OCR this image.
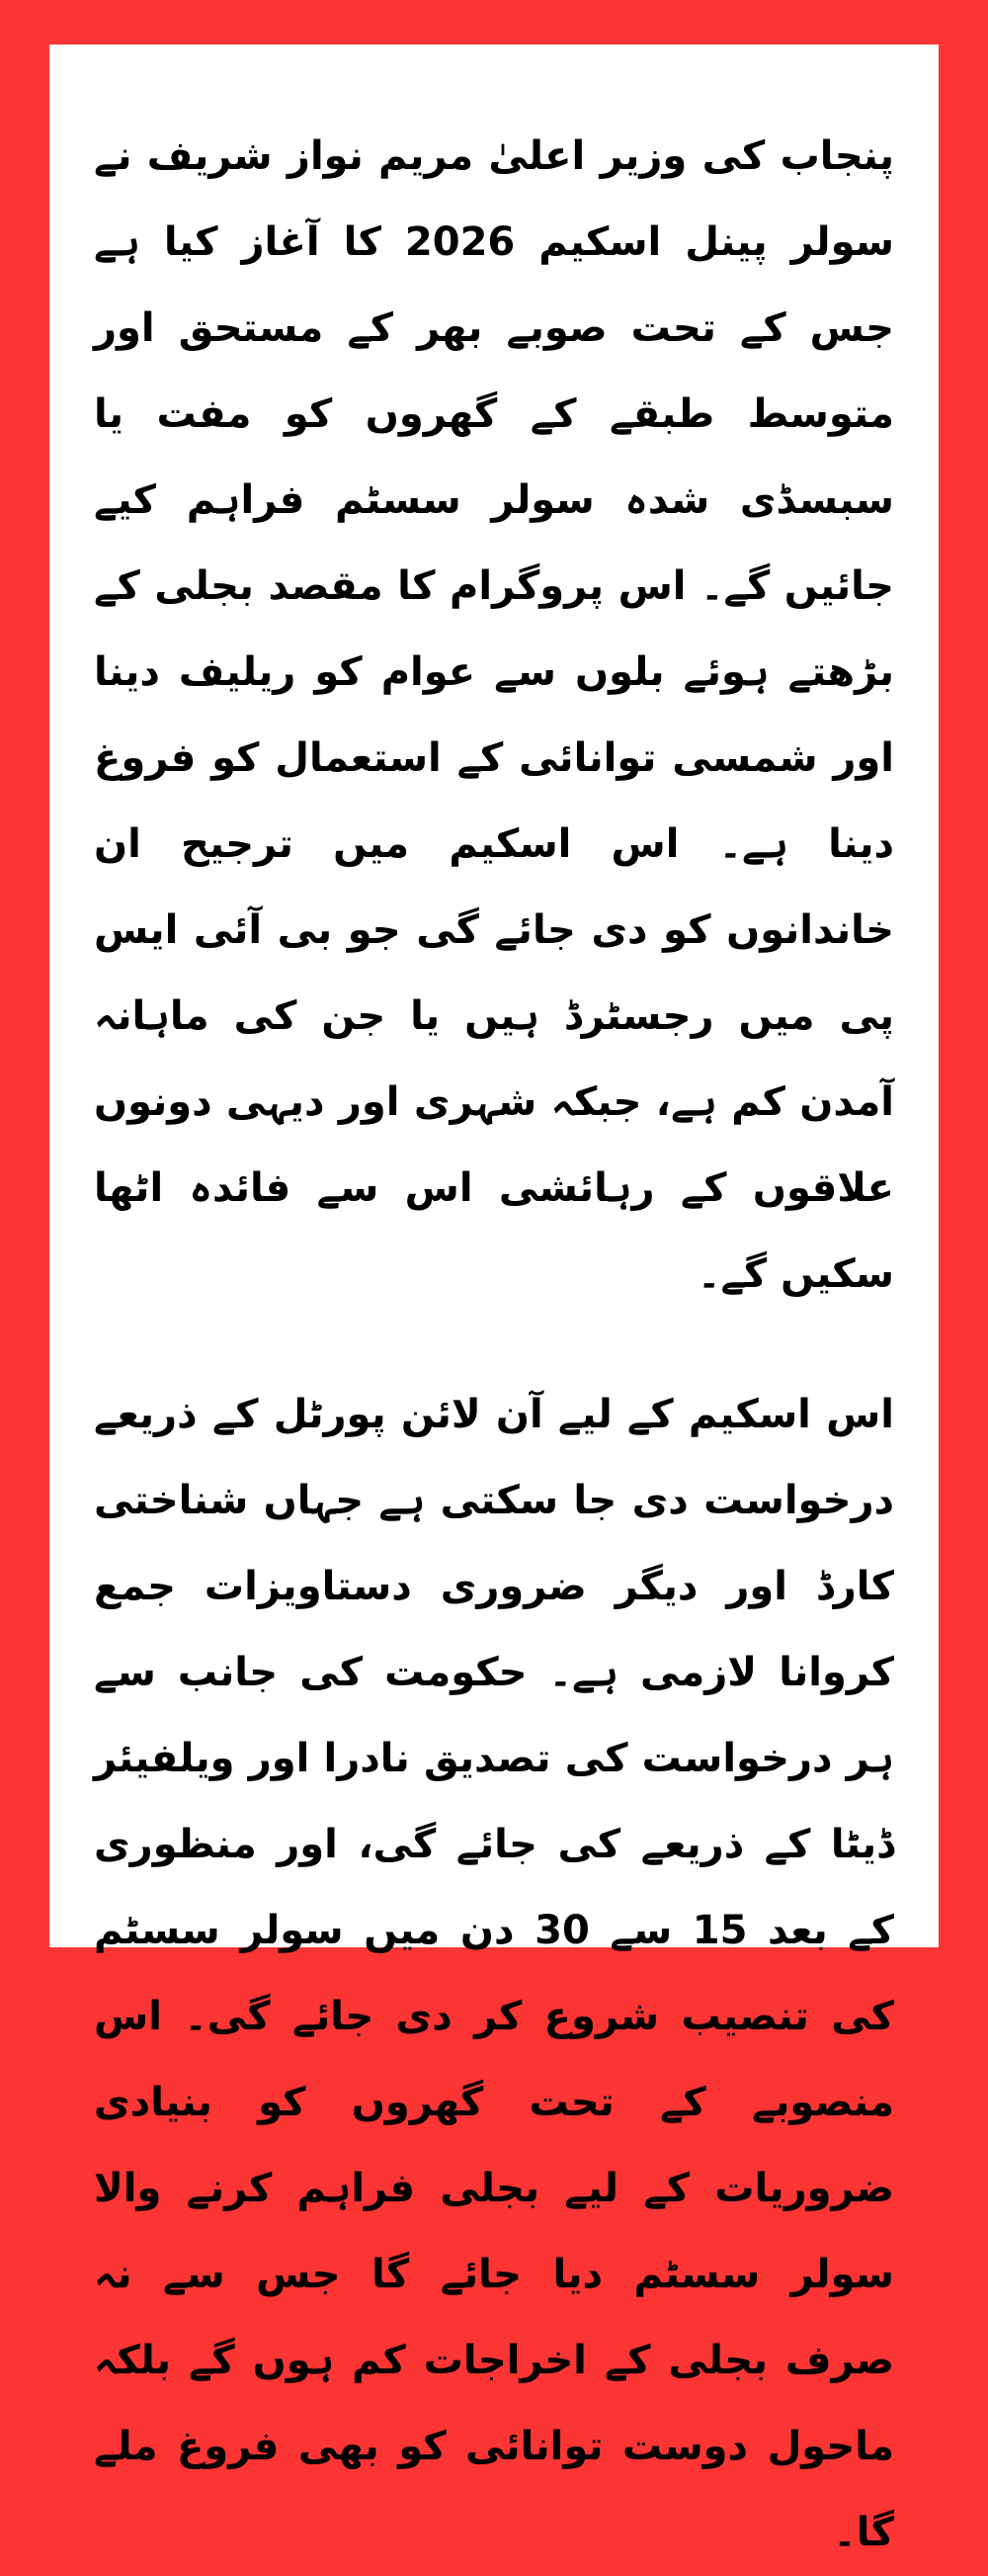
پنجاب کی وزیر اعلیٰ مریم نواز شریف نے سولر پینل اسکیم 2026 کا آغاز کیا ہے جس کے تحت صوبے بھر کے مستحق اور متوسط طبقے کے گھروں کو مفت یا سبسڈی شدہ سولر سسٹم فراہم کیے جائیں گے۔ اس پروگرام کا مقصد بجلی کے بڑھتے ہوئے بلوں سے عوام کو ریلیف دینا اور شمسی توانائی کے استعمال کو فروغ دینا ہے۔ اس اسکیم میں ترجیح ان خاندانوں کو دی جائے گی جو بی آئی ایس پی میں رجسٹرڈ ہیں یا جن کی ماہانہ آمدن کم ہے، جبکہ شہری اور دیہی دونوں علاقوں کے رہائشی اس سے فائدہ اٹھا سکیں گے۔

اس اسکیم کے لیے آن لائن پورٹل کے ذریعے درخواست دی جا سکتی ہے جہاں شناختی کارڈ اور دیگر ضروری دستاویزات جمع کروانا لازمی ہے۔ حکومت کی جانب سے ہر درخواست کی تصدیق نادرا اور ویلفیئر ڈیٹا کے ذریعے کی جائے گی، اور منظوری کے بعد 15 سے 30 دن میں سولر سسٹم کی تنصیب شروع کر دی جائے گی۔ اس منصوبے کے تحت گھروں کو بنیادی ضروریات کے لیے بجلی فراہم کرنے والا سولر سسٹم دیا جائے گا جس سے نہ صرف بجلی کے اخراجات کم ہوں گے بلکہ ماحول دوست توانائی کو بھی فروغ ملے گا۔
